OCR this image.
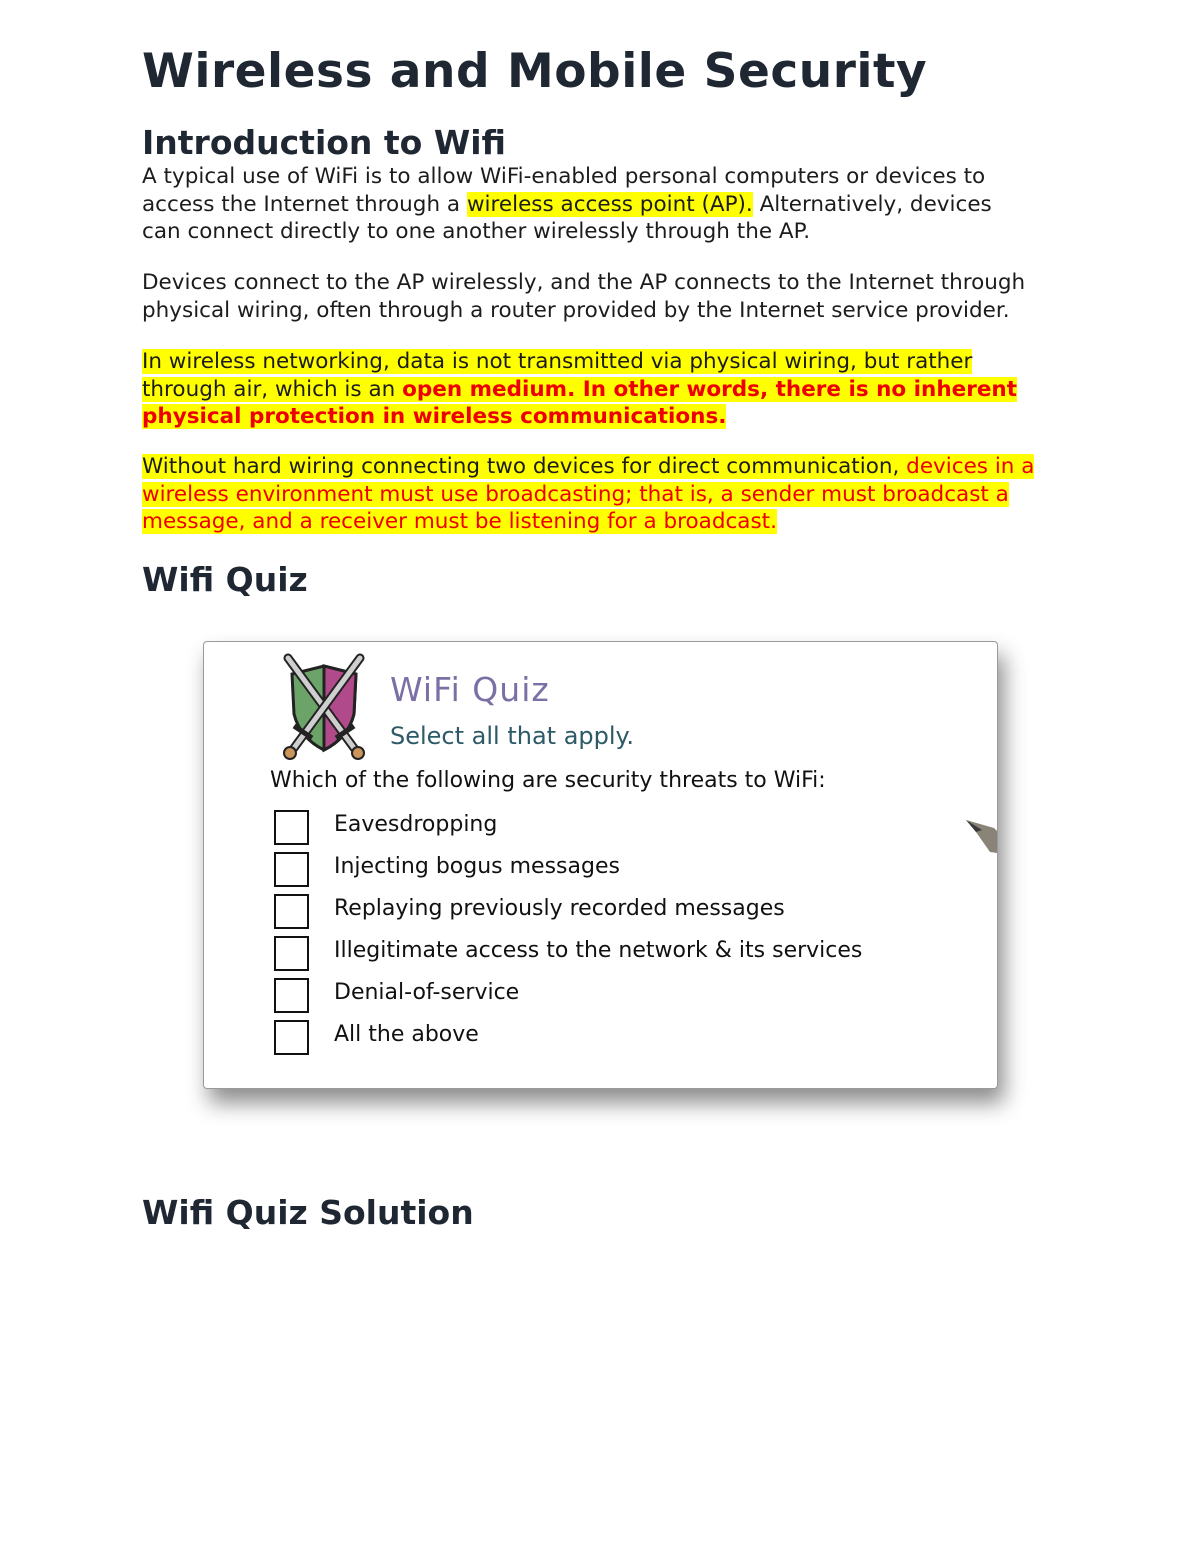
Wireless and Mobile Security
Introduction to Wifi

A typical use of WiFi is to allow WiFi-enabled personal computers or devices to
access the Internet through a wireless access point (AP). Alternatively, devices
can connect directly to one another wirelessly through the AP.

Devices connect to the AP wirelessly, and the AP connects to the Internet through
physical wiring, often through a router provided by the Internet service provider.

In wireless networking, data is not transmitted via physical wiring, but rather
through air, which is an open medium. In other words, there is no inherent
physical protection in wireless communications.

Without hard wiring connecting two devices for direct communication, devices in a
wireless environment must use broadcasting; that is, a sender must broadcast a
message, and a receiver must be listening for a broadcast.

Wifi Quiz
Wifi Quiz Solution
WiFi Quiz
Select all that apply.
Which of the following are security threats to WiFi:
Eavesdropping
Injecting bogus messages
Replaying previously recorded messages
Illegitimate access to the network & its services
Denial-of-service
All the above
